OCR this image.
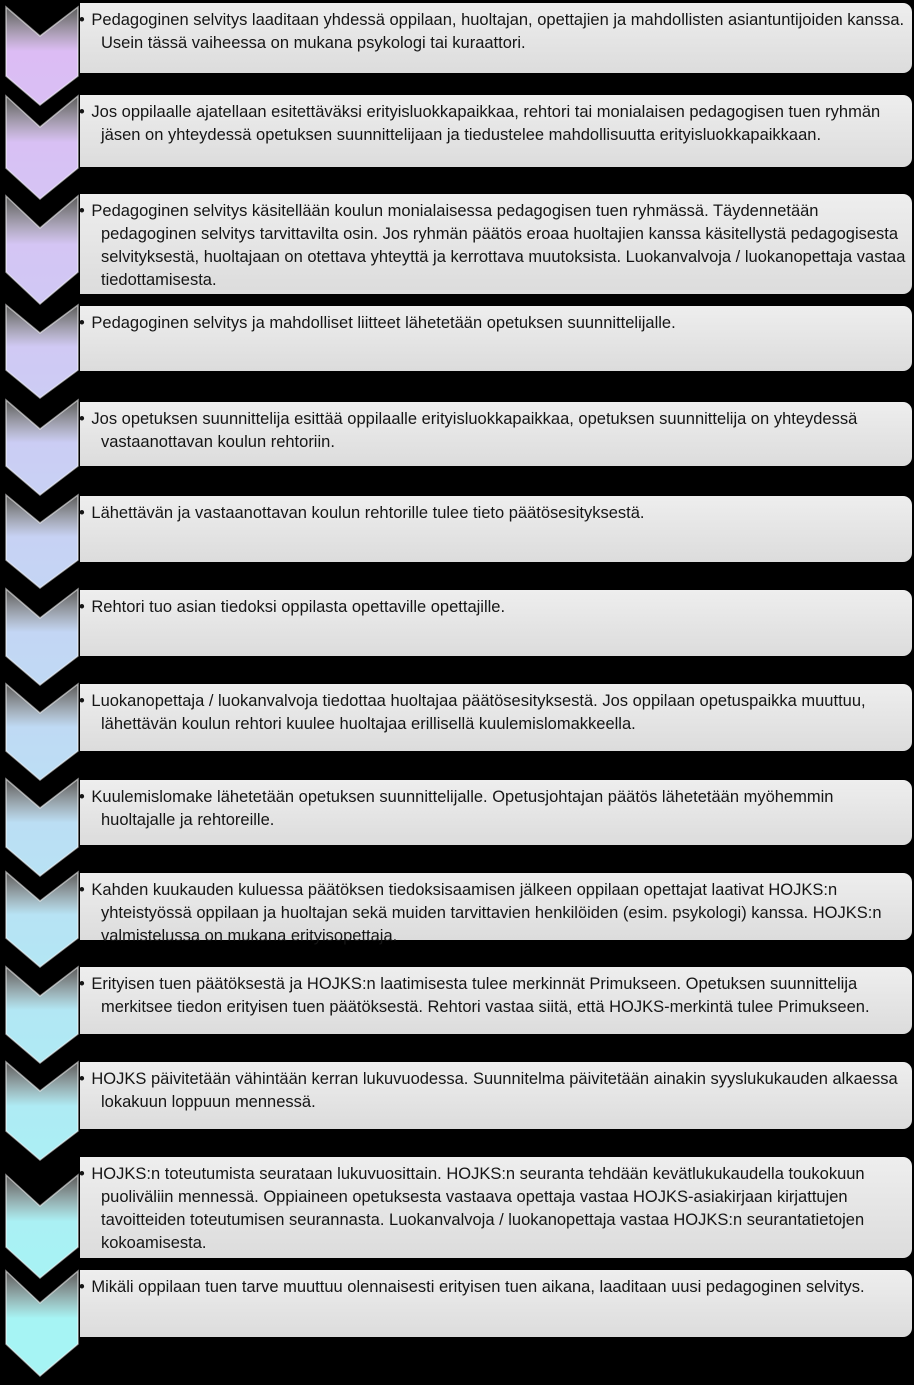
•  Pedagoginen selvitys laaditaan yhdessä oppilaan, huoltajan, opettajien ja mahdollisten asiantuntijoiden kanssa. Usein tässä vaiheessa on mukana psykologi tai kuraattori.

•  Jos oppilaalle ajatellaan esitettäväksi erityisluokkapaikkaa, rehtori tai monialaisen pedagogisen tuen ryhmän jäsen on yhteydessä opetuksen suunnittelijaan ja tiedustelee mahdollisuutta erityisluokkapaikkaan.

•  Pedagoginen selvitys käsitellään koulun monialaisessa pedagogisen tuen ryhmässä. Täydennetään pedagoginen selvitys tarvittavilta osin. Jos ryhmän päätös eroaa huoltajien kanssa käsitellystä pedagogisesta selvityksestä, huoltajaan on otettava yhteyttä ja kerrottava muutoksista. Luokanvalvoja / luokanopettaja vastaa tiedottamisesta.

•  Pedagoginen selvitys ja mahdolliset liitteet lähetetään opetuksen suunnittelijalle.

•  Jos opetuksen suunnittelija esittää oppilaalle erityisluokkapaikkaa, opetuksen suunnittelija on yhteydessä vastaanottavan koulun rehtoriin.

•  Lähettävän ja vastaanottavan koulun rehtorille tulee tieto päätösesityksestä.

•  Rehtori tuo asian tiedoksi oppilasta opettaville opettajille.

•  Luokanopettaja / luokanvalvoja tiedottaa huoltajaa päätösesityksestä. Jos oppilaan opetuspaikka muuttuu, lähettävän koulun rehtori kuulee huoltajaa erillisellä kuulemislomakkeella.

•  Kuulemislomake lähetetään opetuksen suunnittelijalle. Opetusjohtajan päätös lähetetään myöhemmin huoltajalle ja rehtoreille.

•  Kahden kuukauden kuluessa päätöksen tiedoksisaamisen jälkeen oppilaan opettajat laativat HOJKS:n yhteistyössä oppilaan ja huoltajan sekä muiden tarvittavien henkilöiden (esim. psykologi) kanssa. HOJKS:n valmistelussa on mukana erityisopettaja.

•  Erityisen tuen päätöksestä ja HOJKS:n laatimisesta tulee merkinnät Primukseen. Opetuksen suunnittelija merkitsee tiedon erityisen tuen päätöksestä. Rehtori vastaa siitä, että HOJKS-merkintä tulee Primukseen.

•  HOJKS päivitetään vähintään kerran lukuvuodessa. Suunnitelma päivitetään ainakin syyslukukauden alkaessa lokakuun loppuun mennessä.

•  HOJKS:n toteutumista seurataan lukuvuosittain. HOJKS:n seuranta tehdään kevätlukukaudella toukokuun puoliväliin mennessä. Oppiaineen opetuksesta vastaava opettaja vastaa HOJKS-asiakirjaan kirjattujen tavoitteiden toteutumisen seurannasta. Luokanvalvoja / luokanopettaja vastaa HOJKS:n seurantatietojen kokoamisesta.

•  Mikäli oppilaan tuen tarve muuttuu olennaisesti erityisen tuen aikana, laaditaan uusi pedagoginen selvitys.
